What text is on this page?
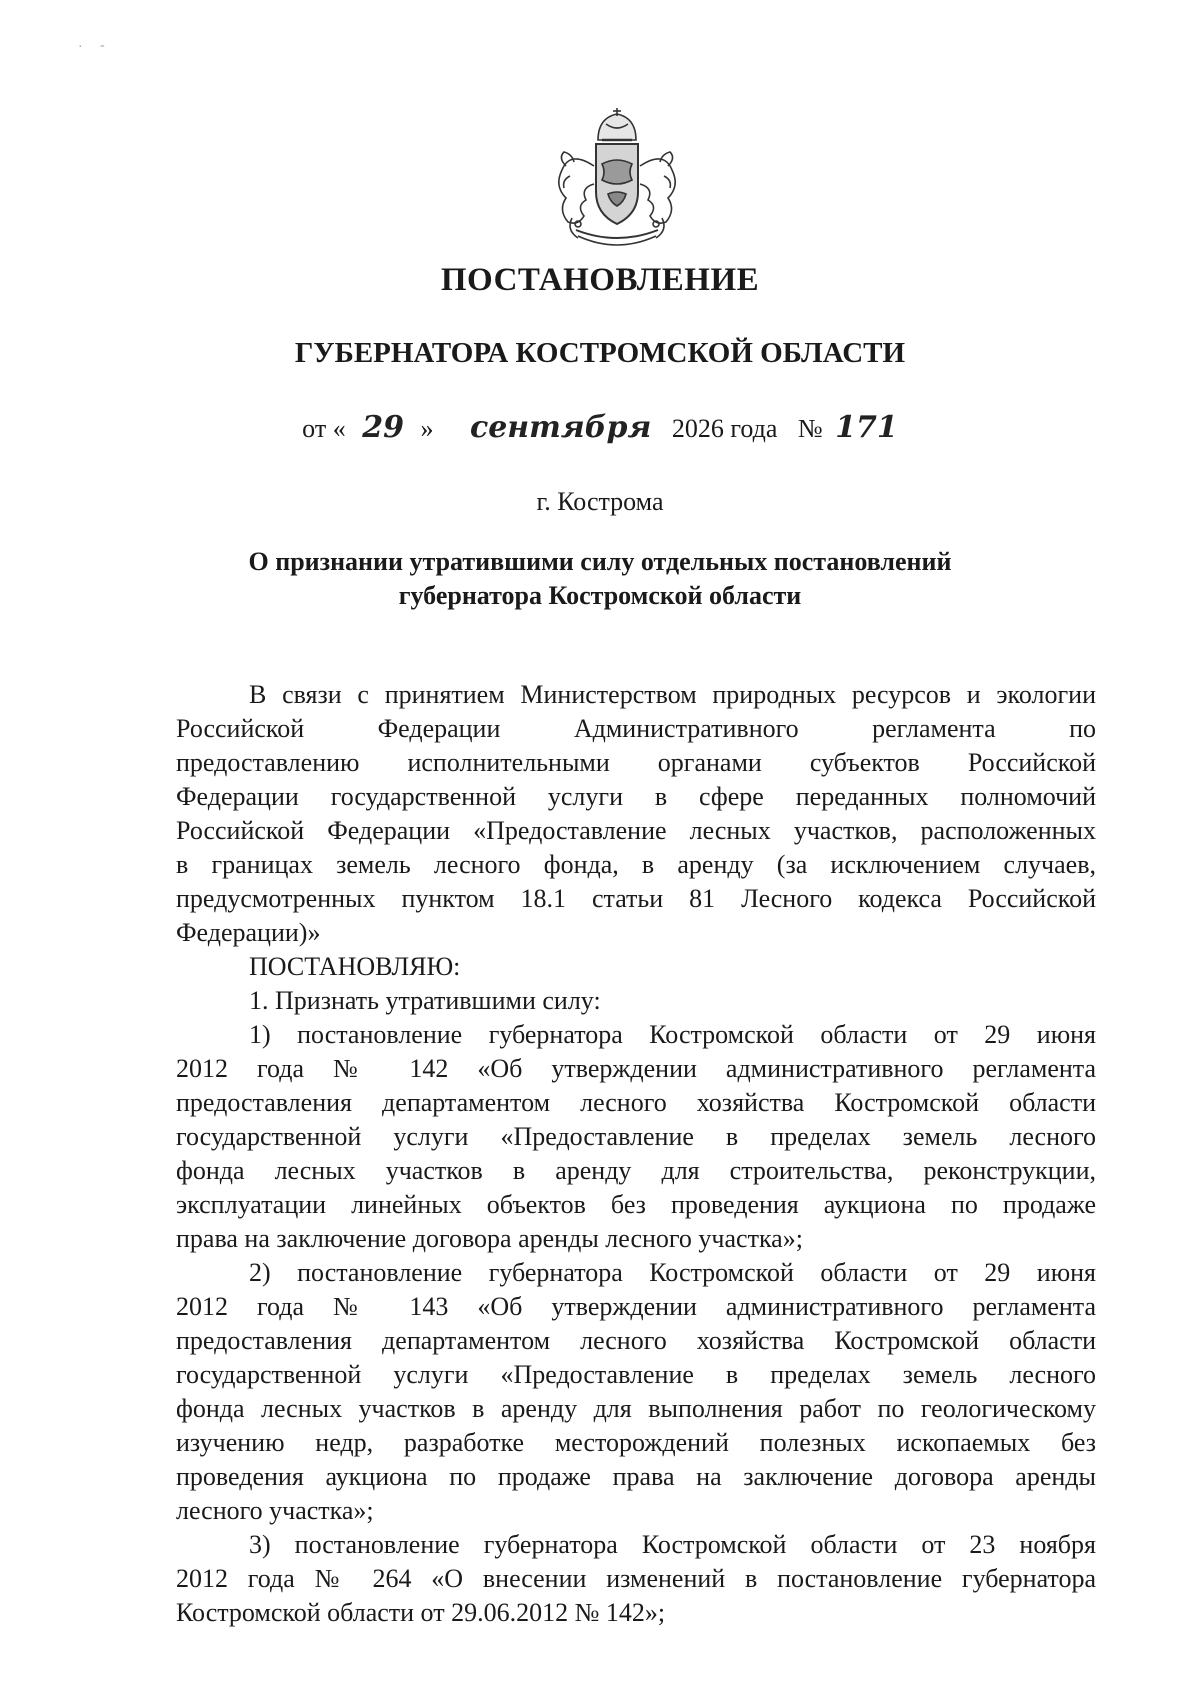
· -
ПОСТАНОВЛЕНИЕ
ГУБЕРНАТОРА КОСТРОМСКОЙ ОБЛАСТИ
от « 29 » сентября 2026 года № 171
г. Кострома
О признании утратившими силу отдельных постановлений
губернатора Костромской области

В связи с принятием Министерством природных ресурсов и экологии

Российской Федерации Административного регламента по

предоставлению исполнительными органами субъектов Российской

Федерации государственной услуги в сфере переданных полномочий

Российской Федерации «Предоставление лесных участков, расположенных

в границах земель лесного фонда, в аренду (за исключением случаев,

предусмотренных пунктом 18.1 статьи 81 Лесного кодекса Российской

Федерации)»

ПОСТАНОВЛЯЮ:

1. Признать утратившими силу:

1) постановление губернатора Костромской области от 29 июня

2012 года № 142 «Об утверждении административного регламента

предоставления департаментом лесного хозяйства Костромской области

государственной услуги «Предоставление в пределах земель лесного

фонда лесных участков в аренду для строительства, реконструкции,

эксплуатации линейных объектов без проведения аукциона по продаже

права на заключение договора аренды лесного участка»;

2) постановление губернатора Костромской области от 29 июня

2012 года № 143 «Об утверждении административного регламента

предоставления департаментом лесного хозяйства Костромской области

государственной услуги «Предоставление в пределах земель лесного

фонда лесных участков в аренду для выполнения работ по геологическому

изучению недр, разработке месторождений полезных ископаемых без

проведения аукциона по продаже права на заключение договора аренды

лесного участка»;

3) постановление губернатора Костромской области от 23 ноября

2012 года № 264 «О внесении изменений в постановление губернатора

Костромской области от 29.06.2012 № 142»;
